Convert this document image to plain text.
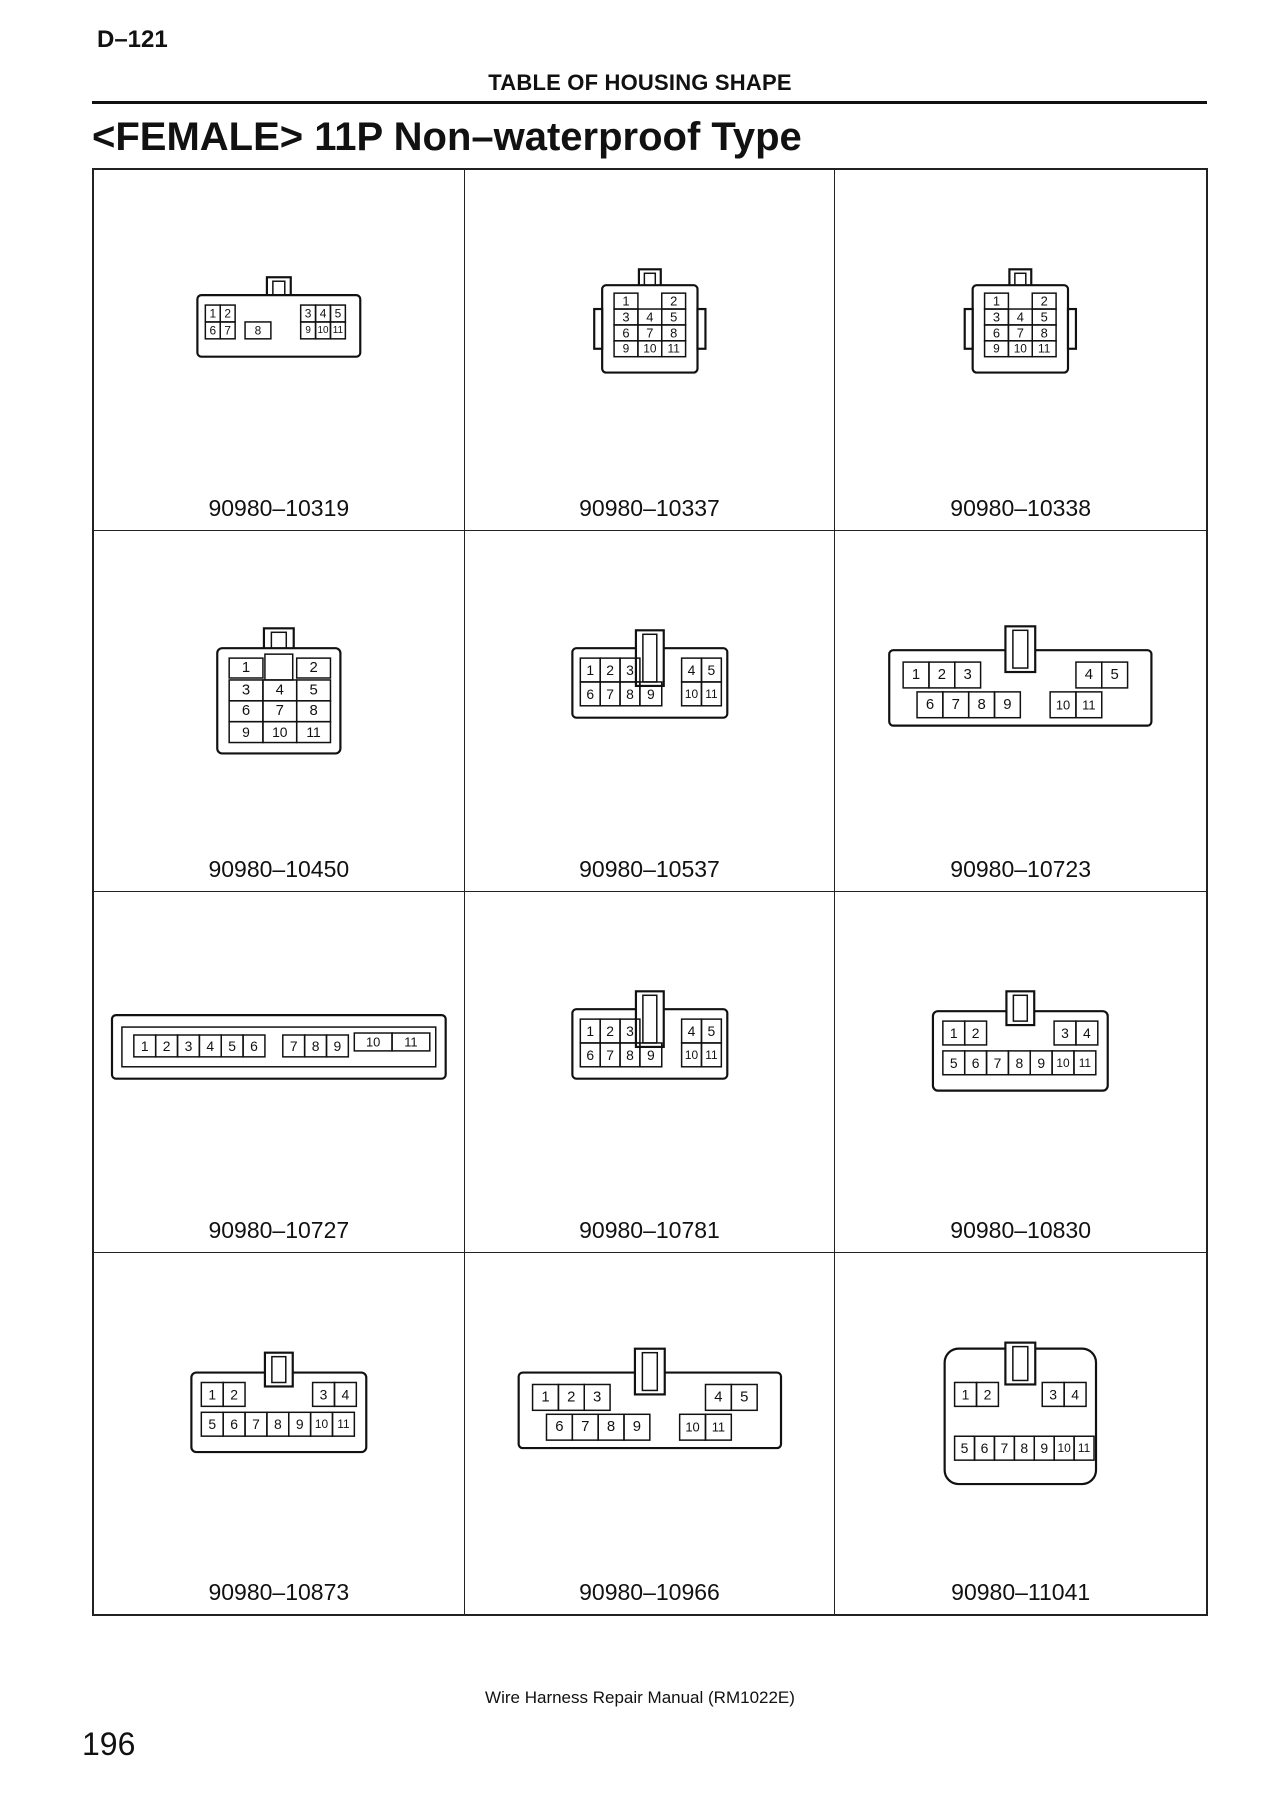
D–121
TABLE OF HOUSING SHAPE
<FEMALE> 11P Non–waterproof Type
1 2	3 4 5
6 7 8	9 10 11
90980–10319
1	2
3 4 5
6 7 8
9 10 11
90980–10337
1	2
3 4 5
6 7 8
9 10 11
90980–10338
1	2
3 4 5
6 7 8
9 10 11
90980–10450
1 2 3	4 5
6 7 8 9	10 11
90980–10537
1 2 3	4 5
6 7 8 9	10 11
90980–10723
1 2 3 4 5 6 7 8 9 10 11
90980–10727
1 2 3	4 5
6 7 8 9	10 11
90980–10781
1 2	3 4
5 6 7 8 9 10 11
90980–10830
1 2	3 4
5 6 7 8 9 10 11
90980–10873
1 2 3	4 5
6 7 8 9	10 11
90980–10966
1 2	3 4
5 6 7 8 9 10 11
90980–11041
Wire Harness Repair Manual (RM1022E)
196
